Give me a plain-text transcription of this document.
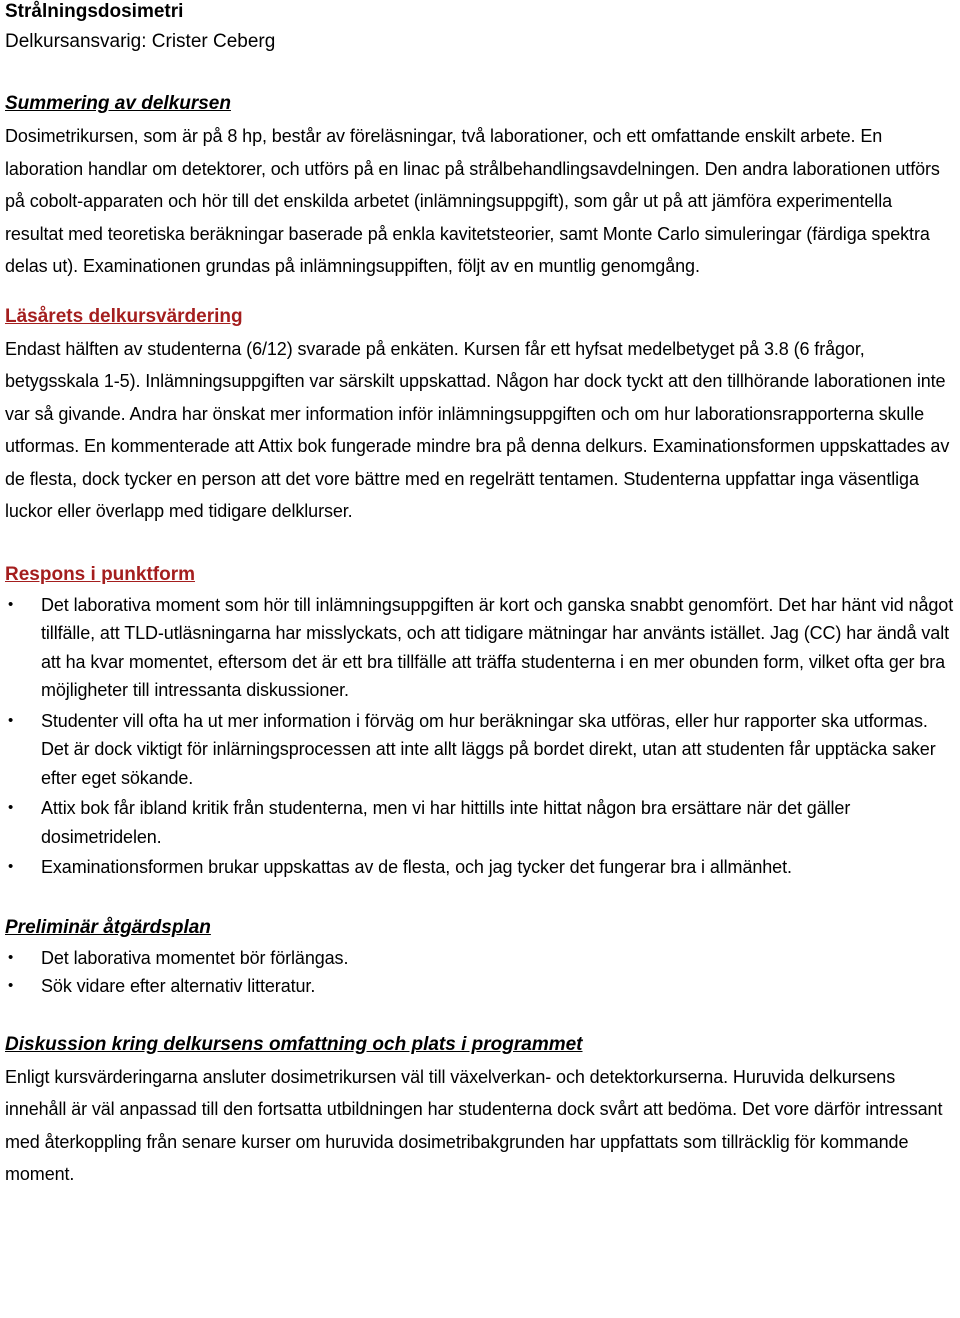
Strålningsdosimetri

Delkursansvarig: Crister Ceberg

Summering av delkursen

Dosimetrikursen, som är på 8 hp, består av föreläsningar, två laborationer, och ett omfattande enskilt arbete. En laboration handlar om detektorer, och utförs på en linac på strålbehandlingsavdelningen. Den andra laborationen utförs på cobolt-apparaten och hör till det enskilda arbetet (inlämningsuppgift), som går ut på att jämföra experimentella resultat med teoretiska beräkningar baserade på enkla kavitetsteorier, samt Monte Carlo simuleringar (färdiga spektra delas ut). Examinationen grundas på inlämningsuppiften, följt av en muntlig genomgång.

Läsårets delkursvärdering

Endast hälften av studenterna (6/12) svarade på enkäten. Kursen får ett hyfsat medelbetyget på 3.8 (6 frågor, betygsskala 1-5). Inlämningsuppgiften var särskilt uppskattad. Någon har dock tyckt att den tillhörande laborationen inte var så givande. Andra har önskat mer information inför inlämningsuppgiften och om hur laborationsrapporterna skulle utformas. En kommenterade att Attix bok fungerade mindre bra på denna delkurs. Examinationsformen uppskattades av de flesta, dock tycker en person att det vore bättre med en regelrätt tentamen. Studenterna uppfattar inga väsentliga luckor eller överlapp med tidigare delklurser.

Respons i punktform
• Det laborativa moment som hör till inlämningsuppgiften är kort och ganska snabbt genomfört. Det har hänt vid något tillfälle, att TLD-utläsningarna har misslyckats, och att tidigare mätningar har använts istället. Jag (CC) har ändå valt att ha kvar momentet, eftersom det är ett bra tillfälle att träffa studenterna i en mer obunden form, vilket ofta ger bra möjligheter till intressanta diskussioner.
• Studenter vill ofta ha ut mer information i förväg om hur beräkningar ska utföras, eller hur rapporter ska utformas. Det är dock viktigt för inlärningsprocessen att inte allt läggs på bordet direkt, utan att studenten får upptäcka saker efter eget sökande.
• Attix bok får ibland kritik från studenterna, men vi har hittills inte hittat någon bra ersättare när det gäller dosimetridelen.
• Examinationsformen brukar uppskattas av de flesta, och jag tycker det fungerar bra i allmänhet.
Preliminär åtgärdsplan
• Det laborativa momentet bör förlängas.
• Sök vidare efter alternativ litteratur.
Diskussion kring delkursens omfattning och plats i programmet

Enligt kursvärderingarna ansluter dosimetrikursen väl till växelverkan- och detektorkurserna. Huruvida delkursens innehåll är väl anpassad till den fortsatta utbildningen har studenterna dock svårt att bedöma. Det vore därför intressant med återkoppling från senare kurser om huruvida dosimetribakgrunden har uppfattats som tillräcklig för kommande moment.
